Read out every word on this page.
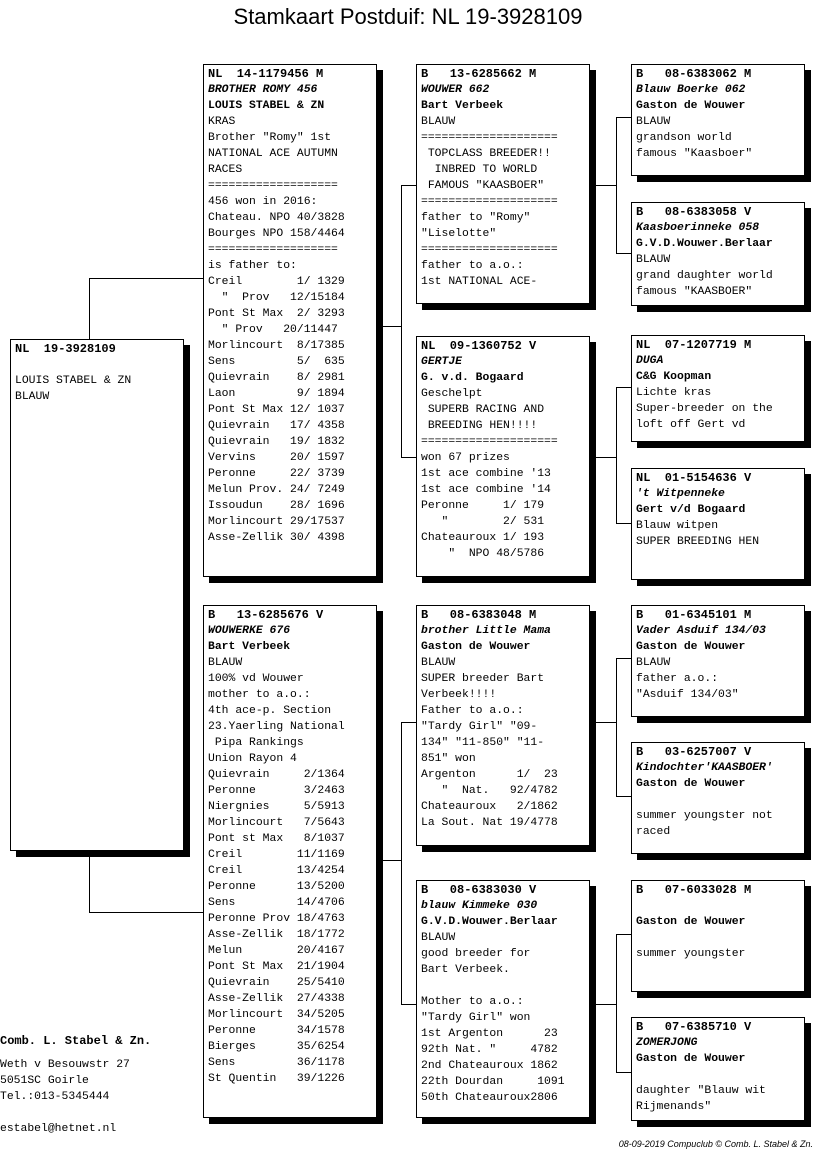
Stamkaart Postduif: NL 19-3928109
NL  19-3928109

LOUIS STABEL & ZN
BLAUW
NL  14-1179456 M
BROTHER ROMY 456
LOUIS STABEL & ZN
KRAS
Brother "Romy" 1st
NATIONAL ACE AUTUMN
RACES
===================
456 won in 2016:
Chateau. NPO 40/3828
Bourges NPO 158/4464
===================
is father to:
Creil        1/ 1329
"  Prov   12/15184
Pont St Max  2/ 3293
" Prov   20/11447
Morlincourt  8/17385
Sens         5/  635
Quievrain    8/ 2981
Laon         9/ 1894
Pont St Max 12/ 1037
Quievrain   17/ 4358
Quievrain   19/ 1832
Vervins     20/ 1597
Peronne     22/ 3739
Melun Prov. 24/ 7249
Issoudun    28/ 1696
Morlincourt 29/17537
Asse-Zellik 30/ 4398
B   13-6285676 V
WOUWERKE 676
Bart Verbeek
BLAUW
100% vd Wouwer
mother to a.o.:
4th ace-p. Section
23.Yaerling National
Pipa Rankings
Union Rayon 4
Quievrain     2/1364
Peronne       3/2463
Niergnies     5/5913
Morlincourt   7/5643
Pont st Max   8/1037
Creil        11/1169
Creil        13/4254
Peronne      13/5200
Sens         14/4706
Peronne Prov 18/4763
Asse-Zellik  18/1772
Melun        20/4167
Pont St Max  21/1904
Quievrain    25/5410
Asse-Zellik  27/4338
Morlincourt  34/5205
Peronne      34/1578
Bierges      35/6254
Sens         36/1178
St Quentin   39/1226
B   13-6285662 M
WOUWER 662
Bart Verbeek
BLAUW
====================
TOPCLASS BREEDER!!
INBRED TO WORLD
FAMOUS "KAASBOER"
====================
father to "Romy"
"Liselotte"
====================
father to a.o.:
1st NATIONAL ACE-
NL  09-1360752 V
GERTJE
G. v.d. Bogaard
Geschelpt
SUPERB RACING AND
BREEDING HEN!!!!
====================
won 67 prizes
1st ace combine '13
1st ace combine '14
Peronne     1/ 179
"        2/ 531
Chateauroux 1/ 193
"  NPO 48/5786
B   08-6383048 M
brother Little Mama
Gaston de Wouwer
BLAUW
SUPER breeder Bart
Verbeek!!!!
Father to a.o.:
"Tardy Girl" "09-
134" "11-850" "11-
851" won
Argenton      1/  23
"  Nat.   92/4782
Chateauroux   2/1862
La Sout. Nat 19/4778
B   08-6383030 V
blauw Kimmeke 030
G.V.D.Wouwer.Berlaar
BLAUW
good breeder for
Bart Verbeek.

Mother to a.o.:
"Tardy Girl" won
1st Argenton      23
92th Nat. "     4782
2nd Chateauroux 1862
22th Dourdan     1091
50th Chateauroux2806
B   08-6383062 M
Blauw Boerke 062
Gaston de Wouwer
BLAUW
grandson world
famous "Kaasboer"
B   08-6383058 V
Kaasboerinneke 058
G.V.D.Wouwer.Berlaar
BLAUW
grand daughter world
famous "KAASBOER"
NL  07-1207719 M
DUGA
C&G Koopman
Lichte kras
Super-breeder on the
loft off Gert vd
NL  01-5154636 V
't Witpenneke
Gert v/d Bogaard
Blauw witpen
SUPER BREEDING HEN
B   01-6345101 M
Vader Asduif 134/03
Gaston de Wouwer
BLAUW
father a.o.:
"Asduif 134/03"
B   03-6257007 V
Kindochter'KAASBOER'
Gaston de Wouwer

summer youngster not
raced
B   07-6033028 M

Gaston de Wouwer

summer youngster
B   07-6385710 V
ZOMERJONG
Gaston de Wouwer

daughter "Blauw wit
Rijmenands"
Comb. L. Stabel & Zn.
Weth v Besouwstr 27
5051SC Goirle
Tel.:013-5345444
estabel@hetnet.nl
08-09-2019 Compuclub © Comb. L. Stabel & Zn.
